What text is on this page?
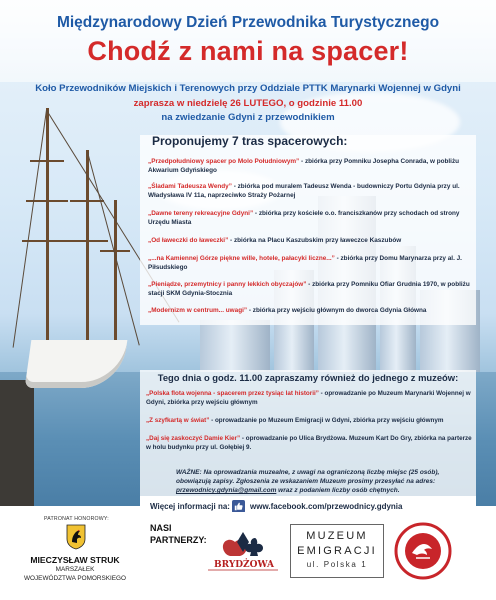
Międzynarodowy Dzień Przewodnika Turystycznego
Chodź z nami na spacer!
Koło Przewodników Miejskich i Terenowych przy Oddziale PTTK Marynarki Wojennej w Gdyni
zaprasza w niedzielę 26 LUTEGO, o godzinie 11.00
na zwiedzanie Gdyni z przewodnikiem
Proponujemy 7 tras spacerowych:
„Przedpołudniowy spacer po Molo Południowym” - zbiórka przy Pomniku Josepha Conrada, w pobliżu Akwarium Gdyńskiego
„Śladami Tadeusza Wendy” - zbiórka pod muralem Tadeusz Wenda - budowniczy Portu Gdynia przy ul. Władysława IV 11a, naprzeciwko Straży Pożarnej
„Dawne tereny rekreacyjne Gdyni” - zbiórka przy kościele o.o. franciszkanów przy schodach od strony Urzędu Miasta
„Od ławeczki do ławeczki” - zbiórka na Placu Kaszubskim przy ławeczce Kaszubów
„...na Kamiennej Górze piękne wille, hotele, pałacyki liczne...” - zbiórka przy Domu Marynarza przy al. J. Piłsudskiego
„Pieniądze, przemytnicy i panny lekkich obyczajów” - zbiórka przy Pomniku Ofiar Grudnia 1970, w pobliżu stacji SKM Gdynia-Stocznia
„Modernizm w centrum... uwagi” - zbiórka przy wejściu głównym do dworca Gdynia Główna
Tego dnia o godz. 11.00 zapraszamy również do jednego z muzeów:
„Polska flota wojenna - spacerem przez tysiąc lat historii” - oprowadzanie po Muzeum Marynarki Wojennej w Gdyni, zbiórka przy wejściu głównym
„Z szyfkartą w świat” - oprowadzanie po Muzeum Emigracji w Gdyni, zbiórka przy wejściu głównym
„Daj się zaskoczyć Damie Kier” - oprowadzanie po Ulica Brydżowa. Muzeum Kart Do Gry, zbiórka na parterze w holu budynku przy ul. Gołębiej 9.
WAŻNE: Na oprowadzania muzealne, z uwagi na ograniczoną liczbę miejsc (25 osób), obowiązują zapisy. Zgłoszenia ze wskazaniem Muzeum prosimy przesyłać na adres: przewodnicy.gdynia@gmail.com wraz z podaniem liczby osób chętnych.
Więcej informacji na:	www.facebook.com/przewodnicy.gdynia
PATRONAT HONOROWY:
MIECZYSŁAW STRUK
MARSZAŁEK
WOJEWÓDZTWA POMORSKIEGO
NASI
PARTNERZY:
BRYDŻOWA
MUZEUM
EMIGRACJI
ul. Polska 1
